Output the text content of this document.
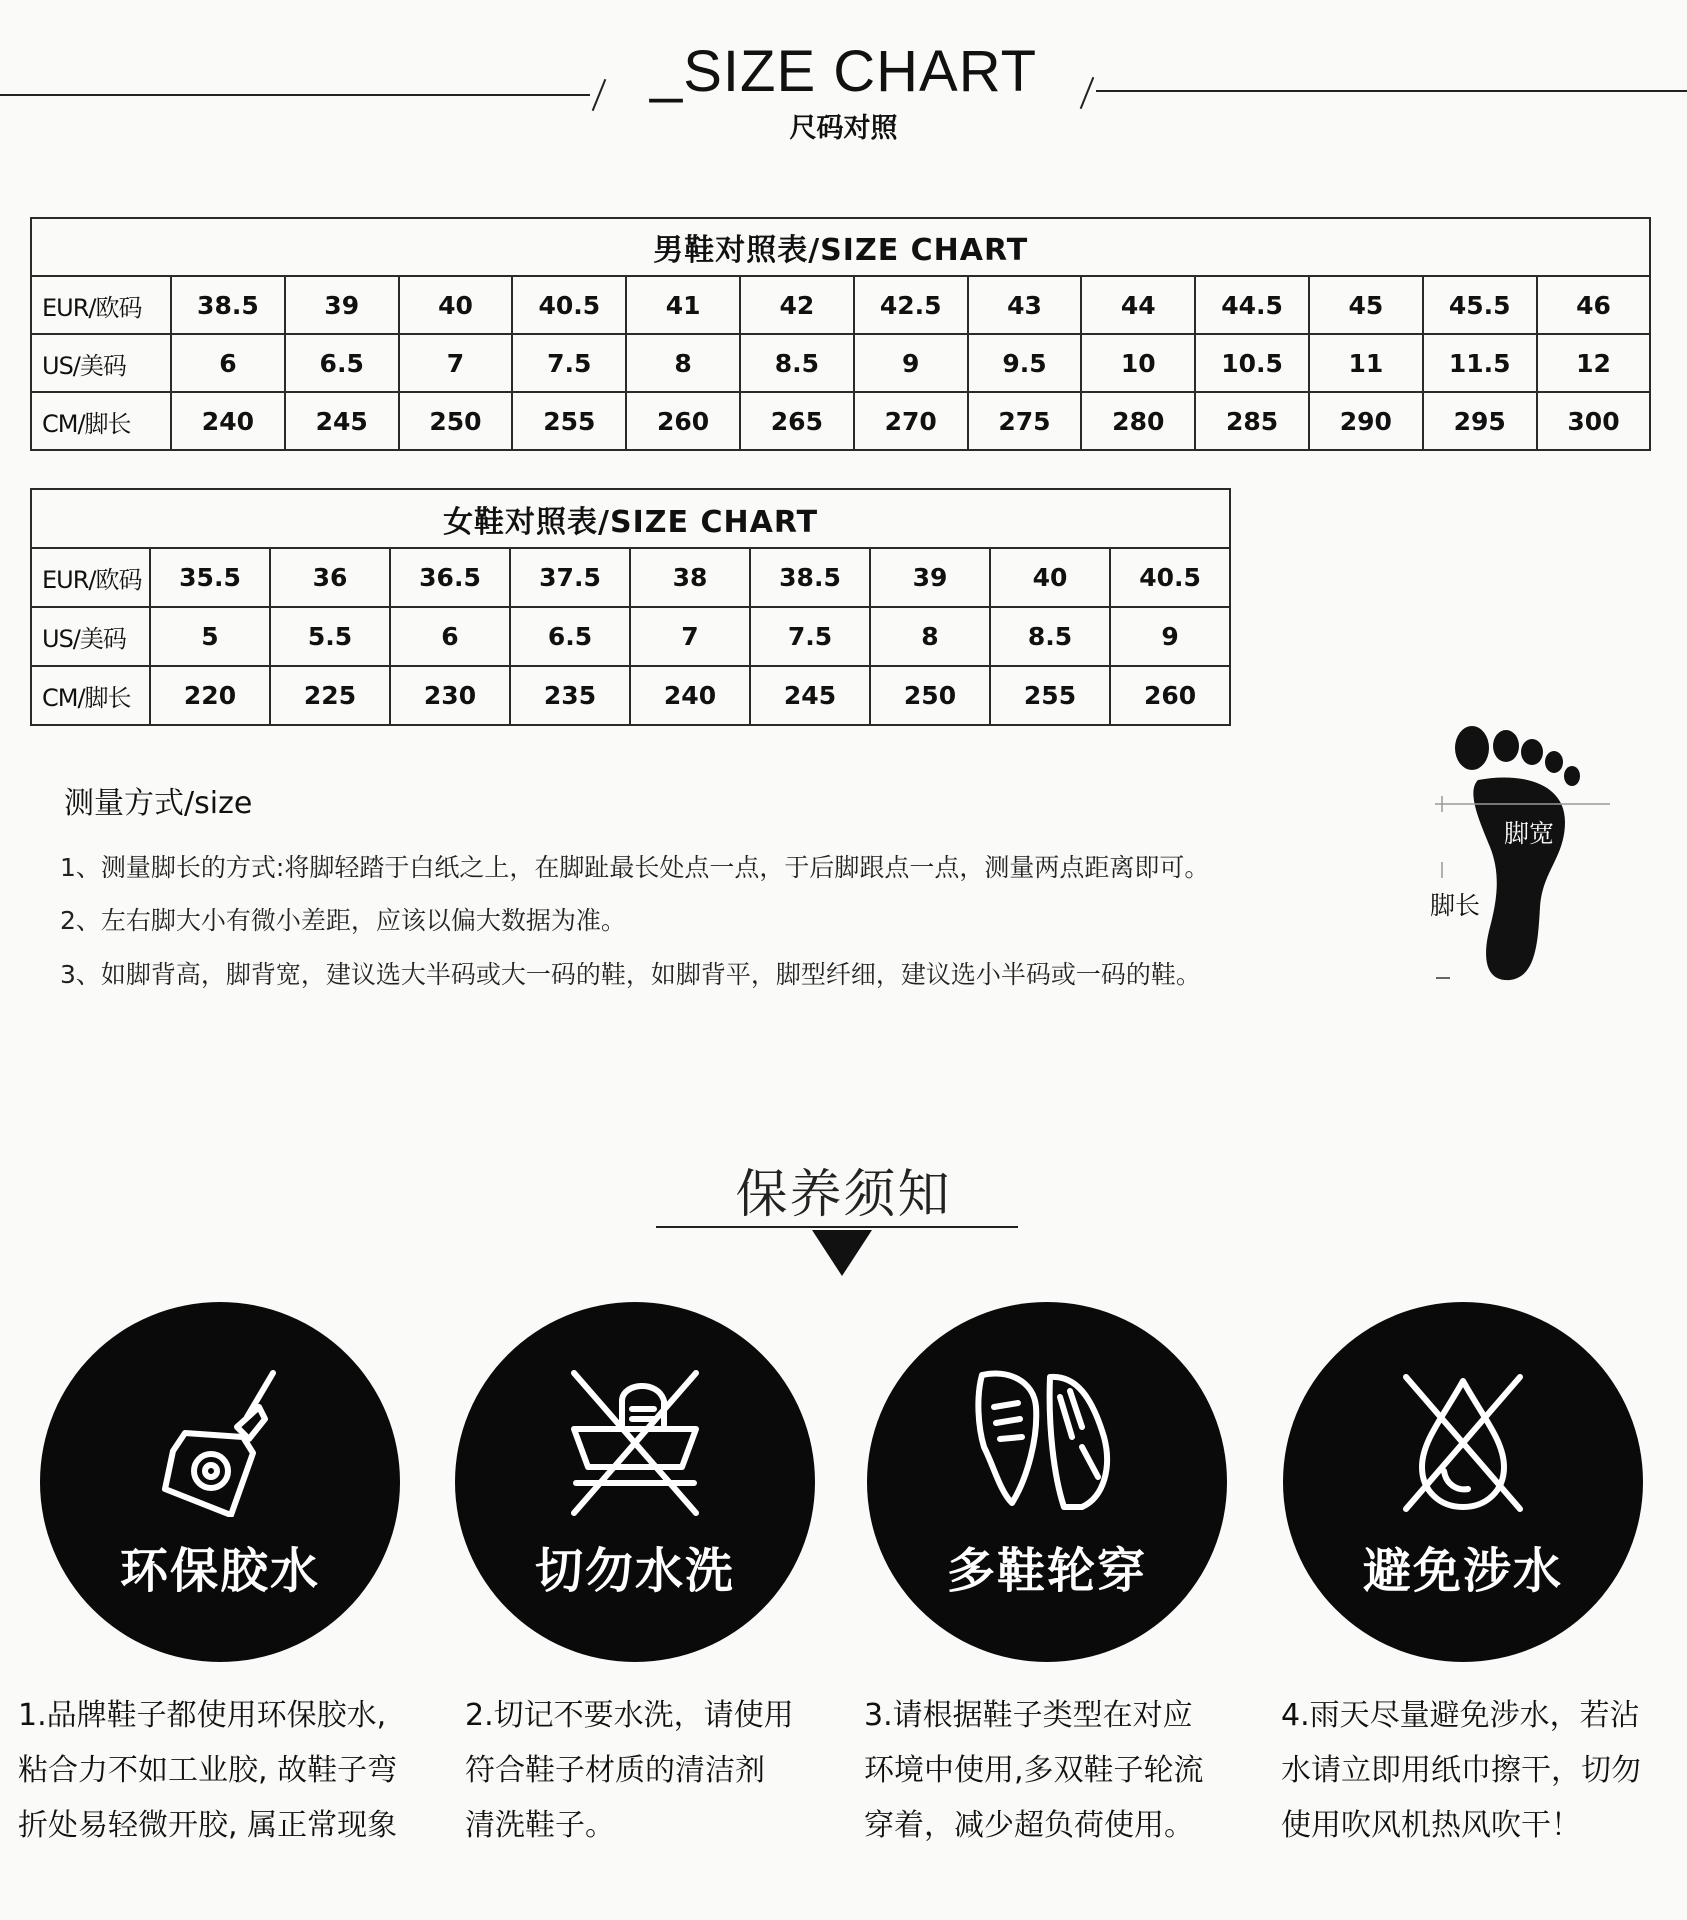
_SIZE CHART
尺码对照
男鞋对照表/SIZE CHART													
EUR/欧码	38.5	39	40	40.5	41	42	42.5	43	44	44.5	45	45.5	46
US/美码	6	6.5	7	7.5	8	8.5	9	9.5	10	10.5	11	11.5	12
CM/脚长	240	245	250	255	260	265	270	275	280	285	290	295	300
女鞋对照表/SIZE CHART									
EUR/欧码	35.5	36	36.5	37.5	38	38.5	39	40	40.5
US/美码	5	5.5	6	6.5	7	7.5	8	8.5	9
CM/脚长	220	225	230	235	240	245	250	255	260
测量方式/size
1、测量脚长的方式:将脚轻踏于白纸之上，在脚趾最长处点一点，于后脚跟点一点，测量两点距离即可。
2、左右脚大小有微小差距，应该以偏大数据为准。
3、如脚背高，脚背宽，建议选大半码或大一码的鞋，如脚背平，脚型纤细，建议选小半码或一码的鞋。
脚宽
脚长
保养须知
环保胶水	切勿水洗	多鞋轮穿	避免涉水
1.品牌鞋子都使用环保胶水,
粘合力不如工业胶, 故鞋子弯
折处易轻微开胶, 属正常现象
2.切记不要水洗，请使用
符合鞋子材质的清洁剂
清洗鞋子。
3.请根据鞋子类型在对应
环境中使用,多双鞋子轮流
穿着，减少超负荷使用。
4.雨天尽量避免涉水，若沾
水请立即用纸巾擦干，切勿
使用吹风机热风吹干！
